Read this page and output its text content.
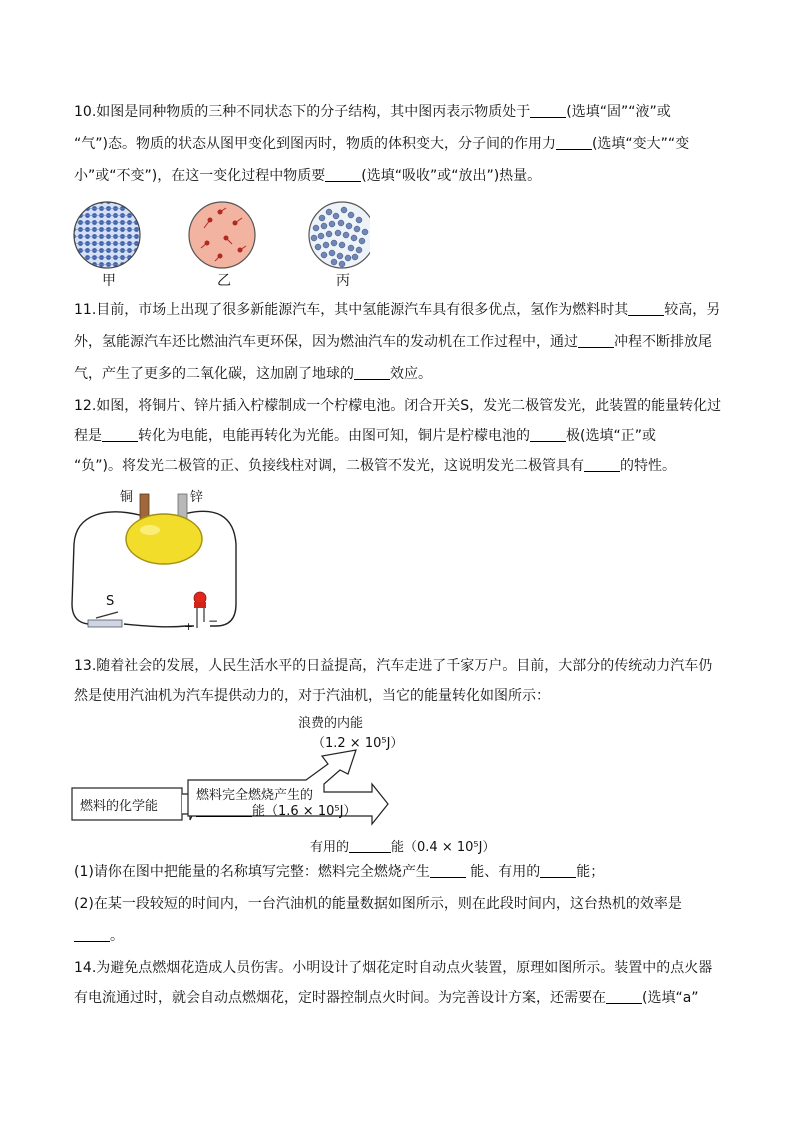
10.如图是同种物质的三种不同状态下的分子结构，其中图丙表示物质处于	(选填“固”“液”或
“气”)态。物质的状态从图甲变化到图丙时，物质的体积变大，分子间的作用力	(选填“变大”“变
小”或“不变”)，在这一变化过程中物质要	(选填“吸收”或“放出”)热量。
甲	乙	丙
11.目前，市场上出现了很多新能源汽车，其中氢能源汽车具有很多优点，氢作为燃料时其	较高，另
外，氢能源汽车还比燃油汽车更环保，因为燃油汽车的发动机在工作过程中，通过	冲程不断排放尾
气，产生了更多的二氧化碳，这加剧了地球的	效应。
12.如图，将铜片、锌片插入柠檬制成一个柠檬电池。闭合开关S，发光二极管发光，此装置的能量转化过
程是	转化为电能，电能再转化为光能。由图可知，铜片是柠檬电池的	极(选填“正”或
“负”)。将发光二极管的正、负接线柱对调，二极管不发光，这说明发光二极管具有	的特性。
铜	锌
S
+ −
13.随着社会的发展，人民生活水平的日益提高，汽车走进了千家万户。目前，大部分的传统动力汽车仍
然是使用汽油机为汽车提供动力的，对于汽油机，当它的能量转化如图所示：
浪费的内能
（1.2 × 10⁵J）
燃料的化学能
燃料完全燃烧产生的
能（1.6 × 10⁵J）
有用的	能（0.4 × 10⁵J）
(1)请你在图中把能量的名称填写完整：燃料完全燃烧产生	能、有用的	能；
(2)在某一段较短的时间内，一台汽油机的能量数据如图所示，则在此段时间内，这台热机的效率是
。
14.为避免点燃烟花造成人员伤害。小明设计了烟花定时自动点火装置，原理如图所示。装置中的点火器
有电流通过时，就会自动点燃烟花，定时器控制点火时间。为完善设计方案，还需要在	(选填“a”
